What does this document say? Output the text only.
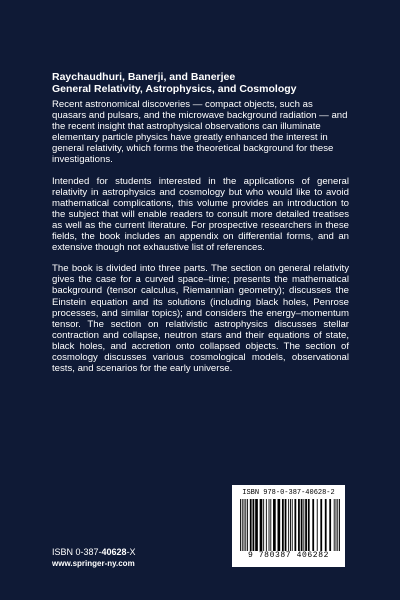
Raychaudhuri, Banerji, and Banerjee
General Relativity, Astrophysics, and Cosmology

Recent astronomical discoveries — compact objects, such as quasars and pulsars, and the microwave background radiation — and the recent insight that astrophysical observations can illuminate elementary particle physics have greatly enhanced the interest in general relativity, which forms the theoretical background for these investigations.

Intended for students interested in the applications of general relativity in astrophysics and cosmology but who would like to avoid mathematical complications, this volume provides an introduction to the subject that will enable readers to consult more detailed treatises as well as the current literature. For prospective researchers in these fields, the book includes an appendix on differential forms, and an extensive though not exhaustive list of references.

The book is divided into three parts. The section on general relativity gives the case for a curved space–time; presents the mathematical background (tensor calculus, Riemannian geometry); discusses the Einstein equation and its solutions (including black holes, Penrose processes, and similar topics); and considers the energy–momentum tensor. The section on relativistic astrophysics discusses stellar contraction and collapse, neutron stars and their equations of state, black holes, and accretion onto collapsed objects. The section of cosmology discusses various cosmological models, observational tests, and scenarios for the early universe.

ISBN 0-387-40628-X
www.springer-ny.com
ISBN 978-0-387-40628-2
9 780387 406282
